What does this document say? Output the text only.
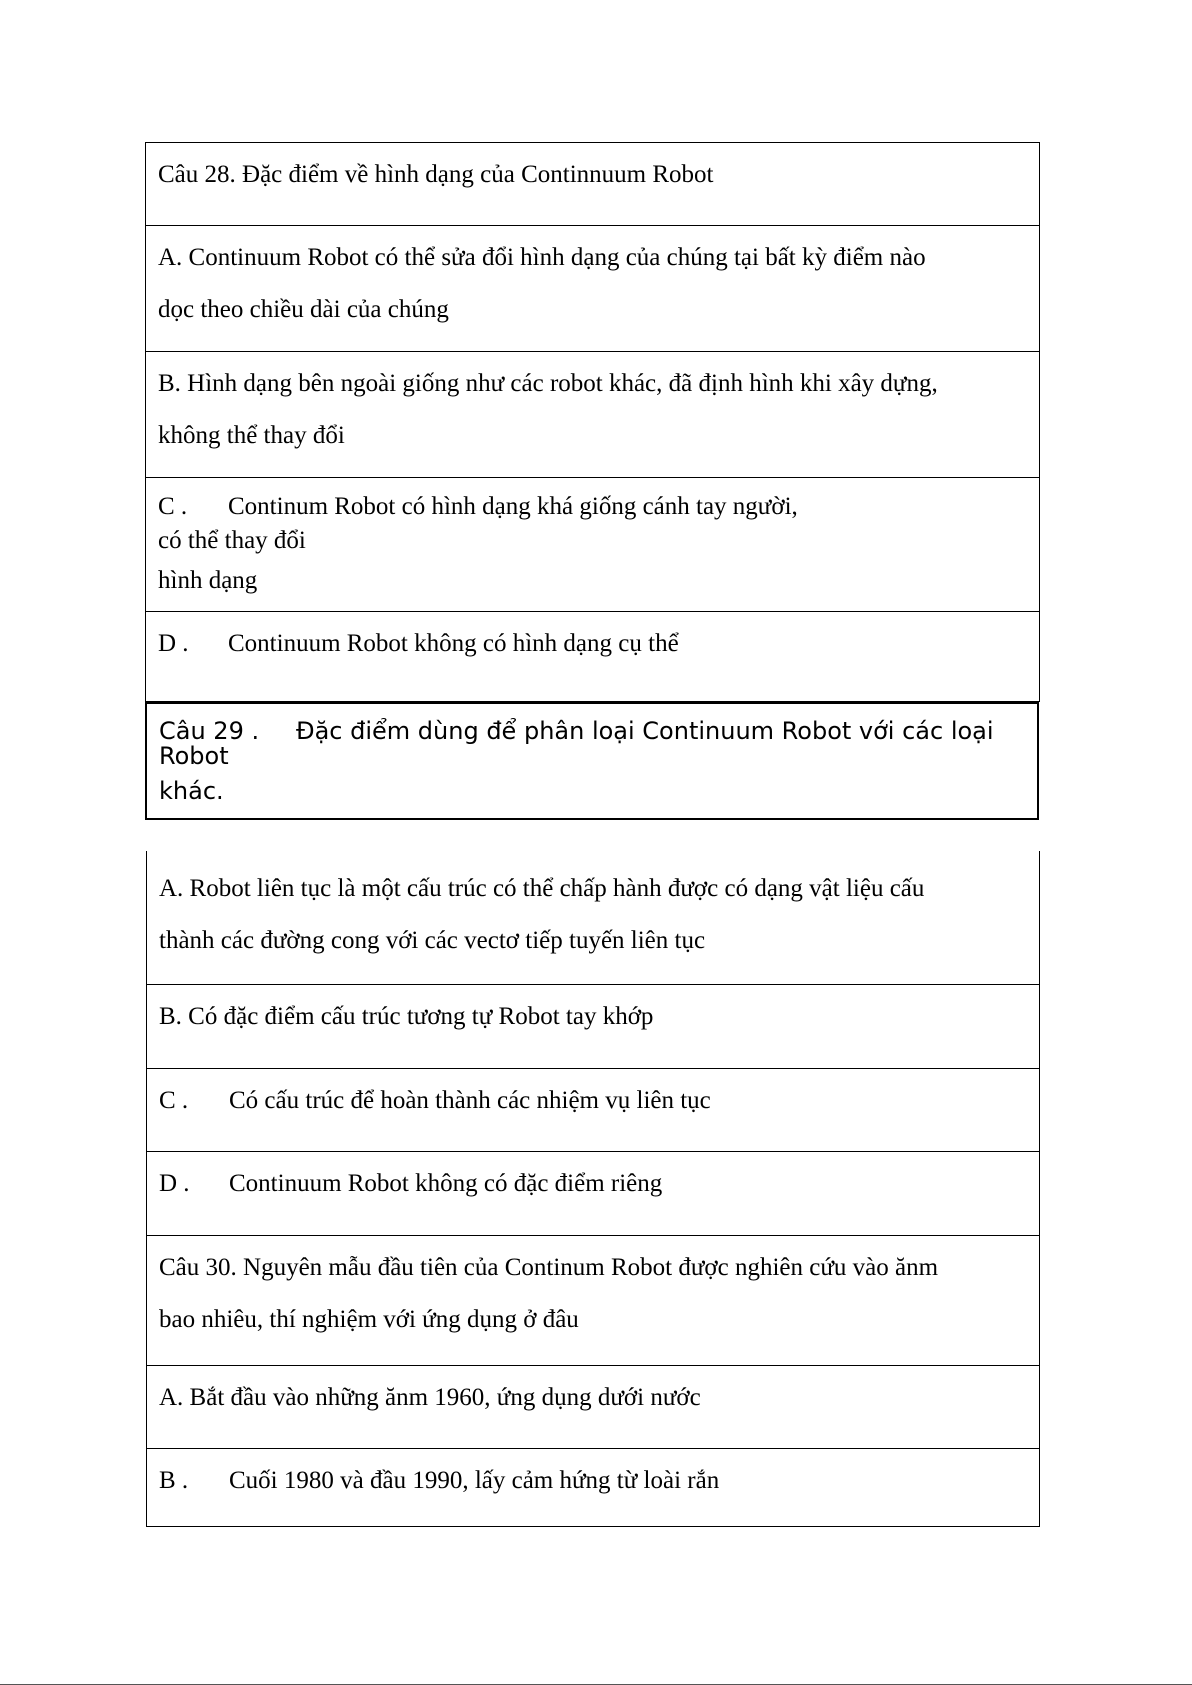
Câu 28. Đặc điểm về hình dạng của Continnuum Robot
A. Continuum Robot có thể sửa đổi hình dạng của chúng tại bất kỳ điểm nào
dọc theo chiều dài của chúng
B. Hình dạng bên ngoài giống như các robot khác, đã định hình khi xây dựng,
không thể thay đổi
C . Continum Robot có hình dạng khá giống cánh tay người,
có thể thay đổi
hình dạng
D . Continuum Robot không có hình dạng cụ thể
Câu 29 . Đặc điểm dùng để phân loại Continuum Robot với các loại
Robot
khác.
A. Robot liên tục là một cấu trúc có thể chấp hành được có dạng vật liệu cấu
thành các đường cong với các vectơ tiếp tuyến liên tục
B. Có đặc điểm cấu trúc tương tự Robot tay khớp
C . Có cấu trúc để hoàn thành các nhiệm vụ liên tục
D . Continuum Robot không có đặc điểm riêng
Câu 30. Nguyên mẫu đầu tiên của Continum Robot được nghiên cứu vào ănm
bao nhiêu, thí nghiệm với ứng dụng ở đâu
A. Bắt đầu vào những ănm 1960, ứng dụng dưới nước
B . Cuối 1980 và đầu 1990, lấy cảm hứng từ loài rắn
